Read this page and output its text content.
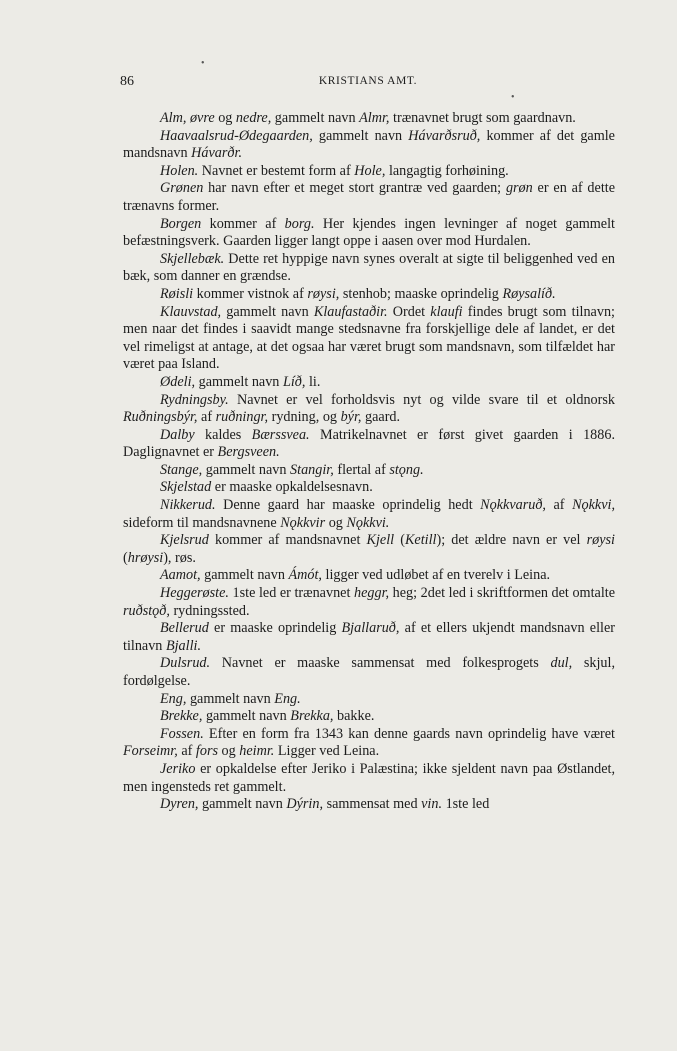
86	KRISTIANS AMT.
•
•

Alm, øvre og nedre, gammelt navn Almr, trænavnet brugt som gaardnavn.

Haavaalsrud-Ødegaarden, gammelt navn Hávarðsruð, kommer af det gamle mandsnavn Hávarðr.

Holen. Navnet er bestemt form af Hole, langagtig forhøining.

Grønen har navn efter et meget stort grantræ ved gaarden; grøn er en af dette trænavns former.

Borgen kommer af borg. Her kjendes ingen levninger af noget gammelt befæstningsverk. Gaarden ligger langt oppe i aasen over mod Hurdalen.

Skjellebæk. Dette ret hyppige navn synes overalt at sigte til beliggenhed ved en bæk, som danner en grændse.

Røisli kommer vistnok af røysi, stenhob; maaske oprindelig Røysalíð.

Klauvstad, gammelt navn Klaufastaðir. Ordet klaufi findes brugt som tilnavn; men naar det findes i saavidt mange stedsnavne fra forskjellige dele af landet, er det vel rimeligst at antage, at det ogsaa har været brugt som mandsnavn, som tilfældet har været paa Island.

Ødeli, gammelt navn Líð, li.

Rydningsby. Navnet er vel forholdsvis nyt og vilde svare til et oldnorsk Ruðningsbýr, af ruðningr, rydning, og býr, gaard.

Dalby kaldes Bærssvea. Matrikelnavnet er først givet gaarden i 1886. Daglignavnet er Bergsveen.

Stange, gammelt navn Stangir, flertal af stǫng.

Skjelstad er maaske opkaldelsesnavn.

Nikkerud. Denne gaard har maaske oprindelig hedt Nǫkkvaruð, af Nǫkkvi, sideform til mandsnavnene Nǫkkvir og Nǫkkvi.

Kjelsrud kommer af mandsnavnet Kjell (Ketill); det ældre navn er vel røysi (hrøysi), røs.

Aamot, gammelt navn Ámót, ligger ved udløbet af en tverelv i Leina.

Heggerøste. 1ste led er trænavnet heggr, heg; 2det led i skriftformen det omtalte ruðstǫð, rydningssted.

Bellerud er maaske oprindelig Bjallaruð, af et ellers ukjendt mandsnavn eller tilnavn Bjalli.

Dulsrud. Navnet er maaske sammensat med folkesprogets dul, skjul, fordølgelse.

Eng, gammelt navn Eng.

Brekke, gammelt navn Brekka, bakke.

Fossen. Efter en form fra 1343 kan denne gaards navn oprindelig have været Forseimr, af fors og heimr. Ligger ved Leina.

Jeriko er opkaldelse efter Jeriko i Palæstina; ikke sjeldent navn paa Østlandet, men ingensteds ret gammelt.

Dyren, gammelt navn Dýrin, sammensat med vin. 1ste led
